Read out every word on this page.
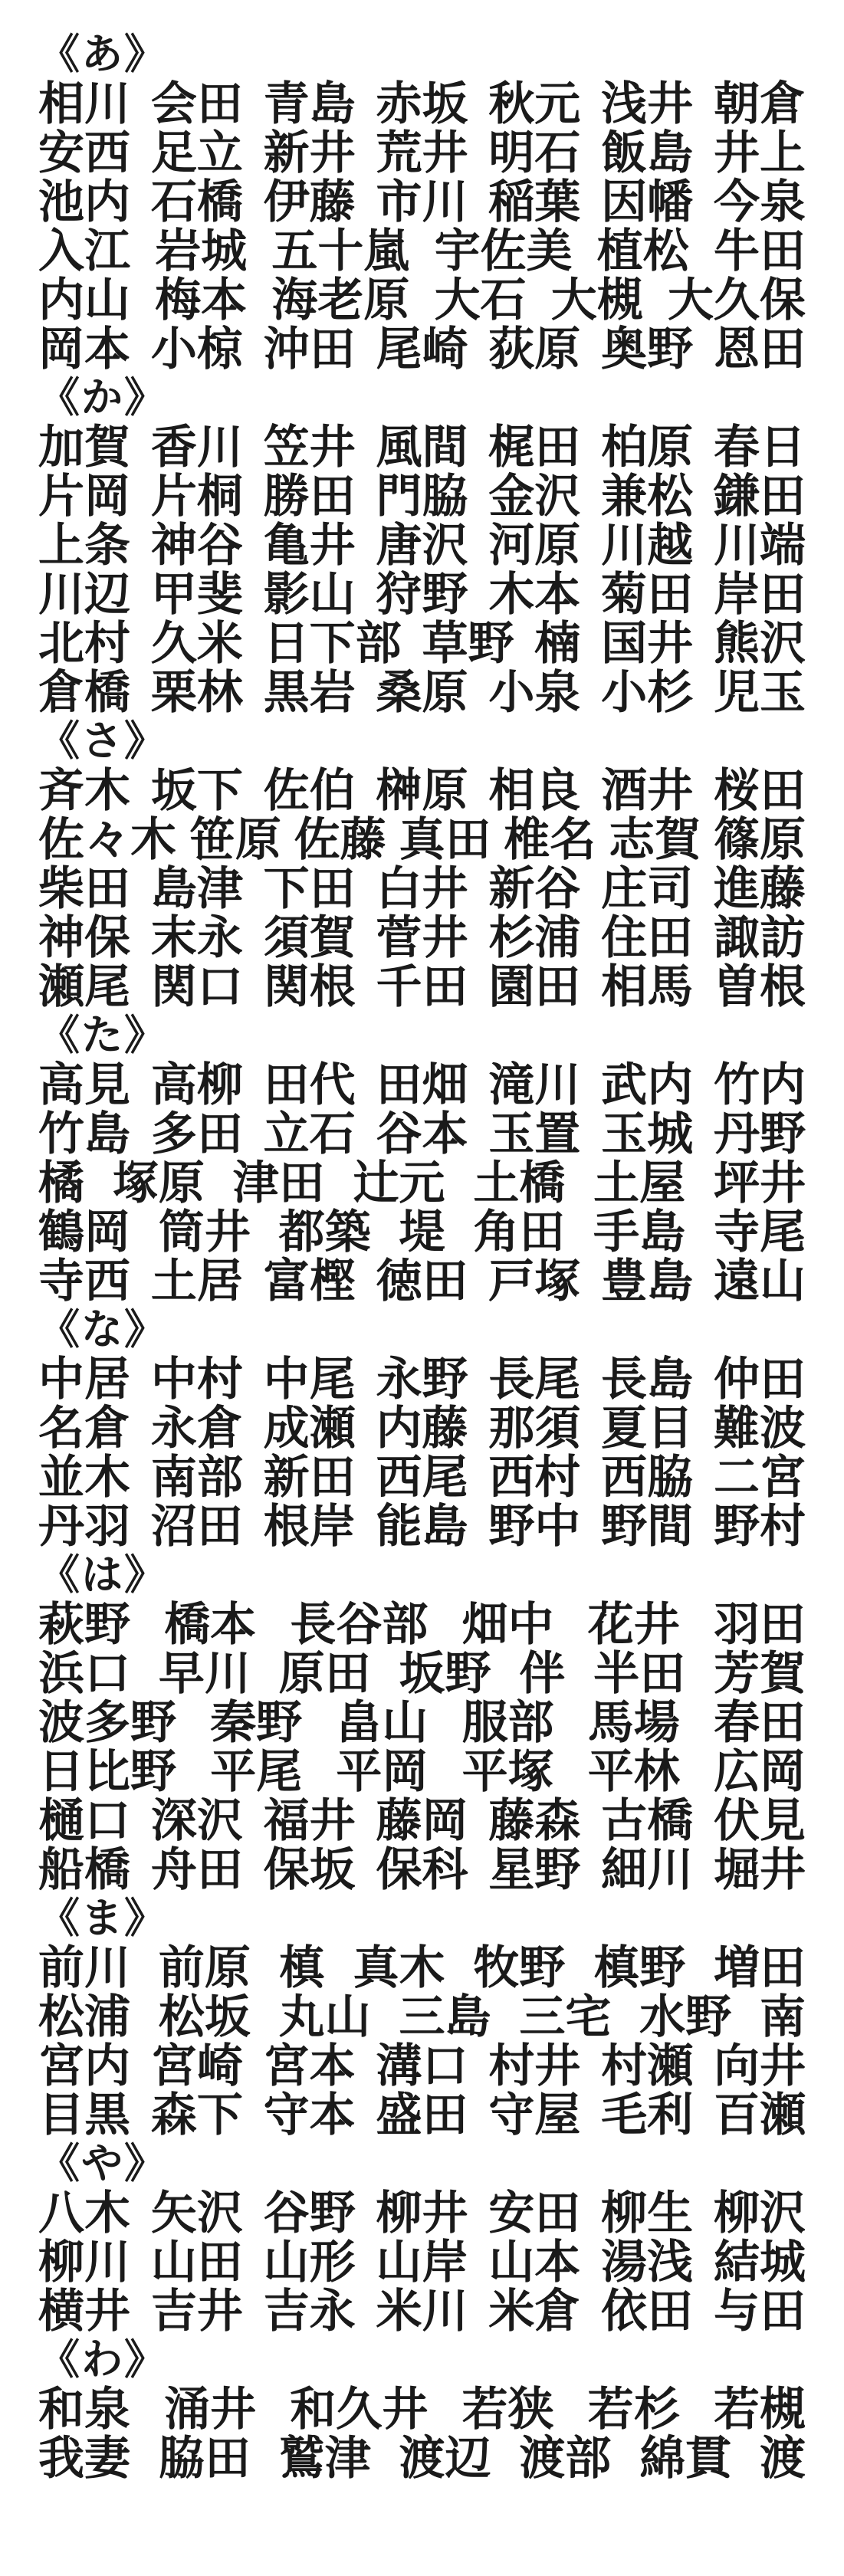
《あ》
相川 会田 青島 赤坂 秋元 浅井 朝倉
安西 足立 新井 荒井 明石 飯島 井上
池内 石橋 伊藤 市川 稲葉 因幡 今泉
入江 岩城 五十嵐 宇佐美 植松 牛田
内山 梅本 海老原 大石 大槻 大久保
岡本 小椋 沖田 尾崎 荻原 奥野 恩田
《か》
加賀 香川 笠井 風間 梶田 柏原 春日
片岡 片桐 勝田 門脇 金沢 兼松 鎌田
上条 神谷 亀井 唐沢 河原 川越 川端
川辺 甲斐 影山 狩野 木本 菊田 岸田
北村 久米 日下部 草野 楠 国井 熊沢
倉橋 栗林 黒岩 桑原 小泉 小杉 児玉
《さ》
斉木 坂下 佐伯 榊原 相良 酒井 桜田
佐々木 笹原 佐藤 真田 椎名 志賀 篠原
柴田 島津 下田 白井 新谷 庄司 進藤
神保 末永 須賀 菅井 杉浦 住田 諏訪
瀬尾 関口 関根 千田 園田 相馬 曽根
《た》
高見 高柳 田代 田畑 滝川 武内 竹内
竹島 多田 立石 谷本 玉置 玉城 丹野
橘 塚原 津田 辻元 土橋 土屋 坪井
鶴岡 筒井 都築 堤 角田 手島 寺尾
寺西 土居 富樫 徳田 戸塚 豊島 遠山
《な》
中居 中村 中尾 永野 長尾 長島 仲田
名倉 永倉 成瀬 内藤 那須 夏目 難波
並木 南部 新田 西尾 西村 西脇 二宮
丹羽 沼田 根岸 能島 野中 野間 野村
《は》
萩野 橋本 長谷部 畑中 花井 羽田
浜口 早川 原田 坂野 伴 半田 芳賀
波多野 秦野 畠山 服部 馬場 春田
日比野 平尾 平岡 平塚 平林 広岡
樋口 深沢 福井 藤岡 藤森 古橋 伏見
船橋 舟田 保坂 保科 星野 細川 堀井
《ま》
前川 前原 槙 真木 牧野 槙野 増田
松浦 松坂 丸山 三島 三宅 水野 南
宮内 宮崎 宮本 溝口 村井 村瀬 向井
目黒 森下 守本 盛田 守屋 毛利 百瀬
《や》
八木 矢沢 谷野 柳井 安田 柳生 柳沢
柳川 山田 山形 山岸 山本 湯浅 結城
横井 吉井 吉永 米川 米倉 依田 与田
《わ》
和泉 涌井 和久井 若狭 若杉 若槻
我妻 脇田 鷲津 渡辺 渡部 綿貫 渡
